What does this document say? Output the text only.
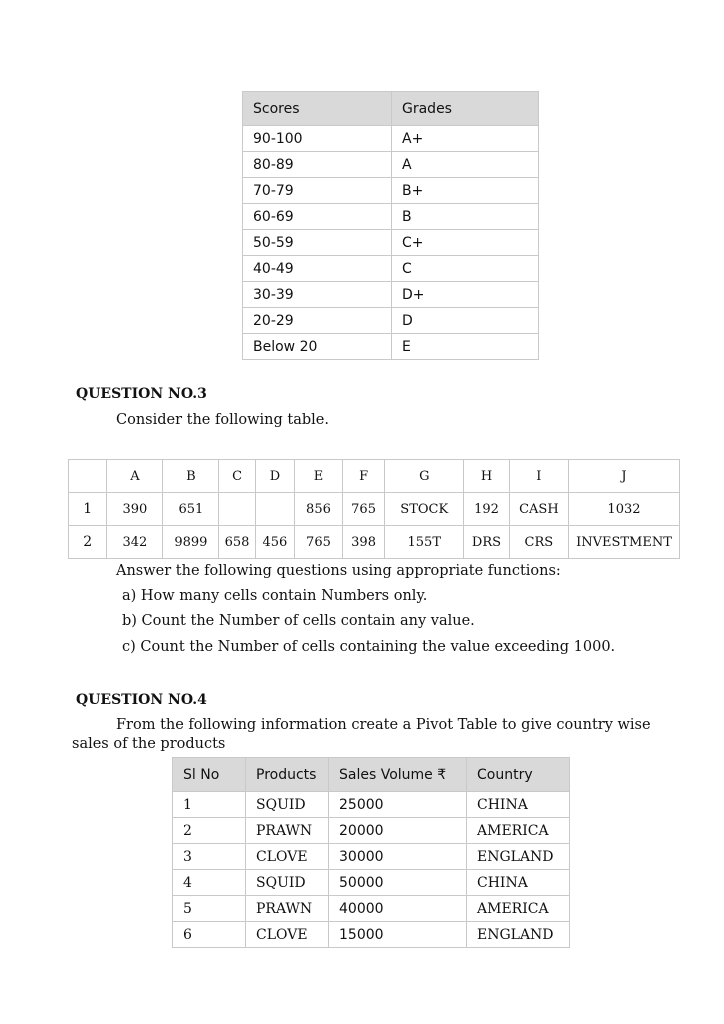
Scores	Grades
90-100	A+
80-89	A
70-79	B+
60-69	B
50-59	C+
40-49	C
30-39	D+
20-29	D
Below 20	E
QUESTION NO.3
Consider the following table.
	A	B	C	D	E	F	G	H	I	J
1	390	651			856	765	STOCK	192	CASH	1032
2	342	9899	658	456	765	398	155T	DRS	CRS	INVESTMENT
Answer the following questions using appropriate functions:
a) How many cells contain Numbers only.
b) Count the Number of cells contain any value.
c) Count the Number of cells containing the value exceeding 1000.
QUESTION NO.4
From the following information create a Pivot Table to give country wise
sales of the products
Sl No	Products	Sales Volume ₹	Country
1	SQUID	25000	CHINA
2	PRAWN	20000	AMERICA
3	CLOVE	30000	ENGLAND
4	SQUID	50000	CHINA
5	PRAWN	40000	AMERICA
6	CLOVE	15000	ENGLAND
